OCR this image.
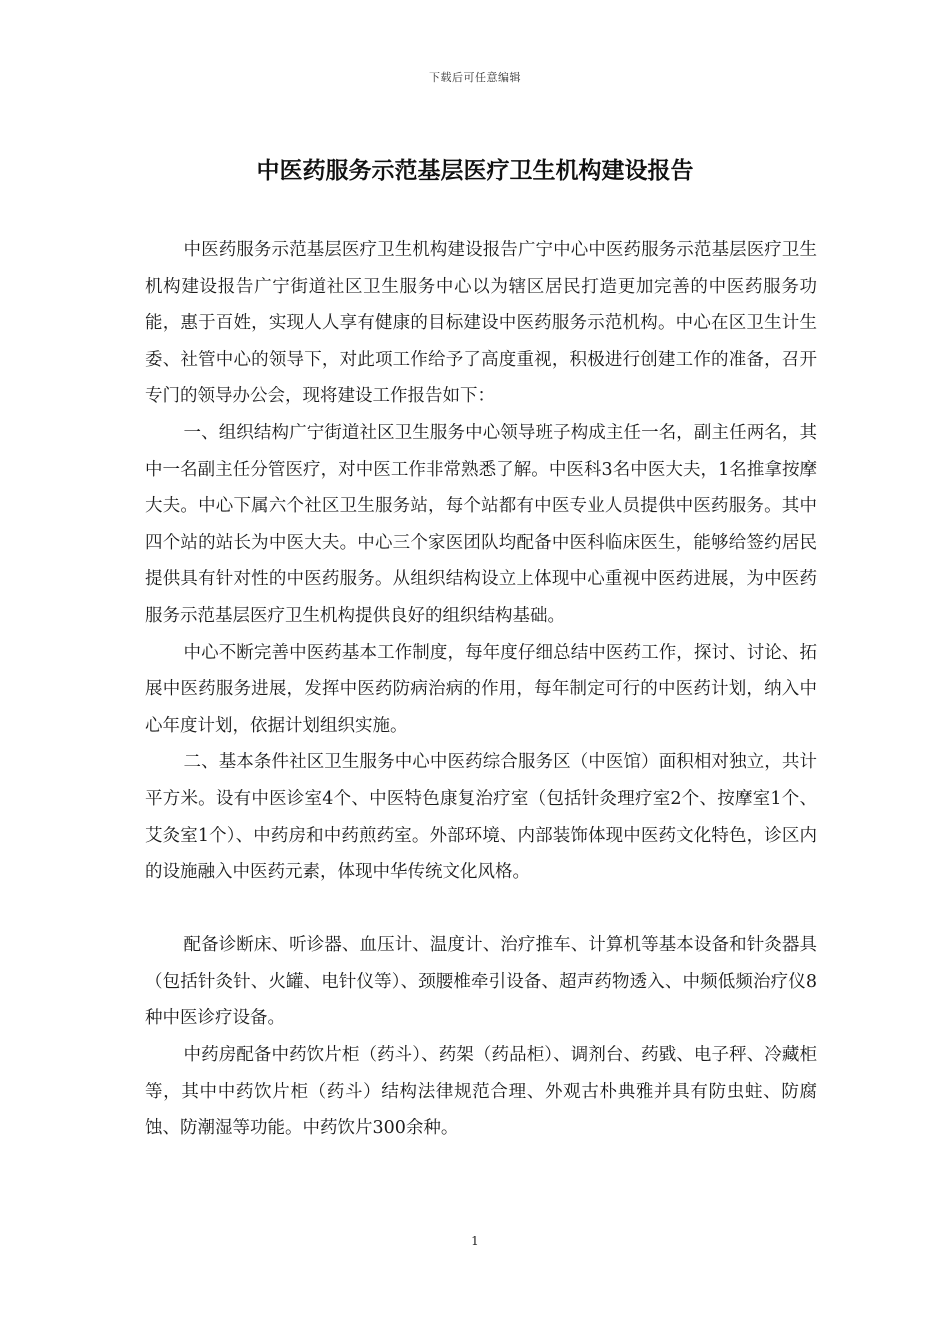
下载后可任意编辑
中医药服务示范基层医疗卫生机构建设报告

中医药服务示范基层医疗卫生机构建设报告广宁中心中医药服务示范基层医疗卫生机构建设报告广宁街道社区卫生服务中心以为辖区居民打造更加完善的中医药服务功能，惠于百姓，实现人人享有健康的目标建设中医药服务示范机构。中心在区卫生计生委、社管中心的领导下，对此项工作给予了高度重视，积极进行创建工作的准备，召开专门的领导办公会，现将建设工作报告如下：

一、组织结构广宁街道社区卫生服务中心领导班子构成主任一名，副主任两名，其中一名副主任分管医疗，对中医工作非常熟悉了解。中医科3名中医大夫，1名推拿按摩大夫。中心下属六个社区卫生服务站，每个站都有中医专业人员提供中医药服务。其中四个站的站长为中医大夫。中心三个家医团队均配备中医科临床医生，能够给签约居民提供具有针对性的中医药服务。从组织结构设立上体现中心重视中医药进展，为中医药服务示范基层医疗卫生机构提供良好的组织结构基础。

中心不断完善中医药基本工作制度，每年度仔细总结中医药工作，探讨、讨论、拓展中医药服务进展，发挥中医药防病治病的作用，每年制定可行的中医药计划，纳入中心年度计划，依据计划组织实施。

二、基本条件社区卫生服务中心中医药综合服务区（中医馆）面积相对独立，共计平方米。设有中医诊室4个、中医特色康复治疗室（包括针灸理疗室2个、按摩室1个、艾灸室1个）、中药房和中药煎药室。外部环境、内部装饰体现中医药文化特色，诊区内的设施融入中医药元素，体现中华传统文化风格。

配备诊断床、听诊器、血压计、温度计、治疗推车、计算机等基本设备和针灸器具（包括针灸针、火罐、电针仪等）、颈腰椎牵引设备、超声药物透入、中频低频治疗仪8种中医诊疗设备。

中药房配备中药饮片柜（药斗）、药架（药品柜）、调剂台、药戥、电子秤、冷藏柜等，其中中药饮片柜（药斗）结构法律规范合理、外观古朴典雅并具有防虫蛀、防腐蚀、防潮湿等功能。中药饮片300余种。

1
